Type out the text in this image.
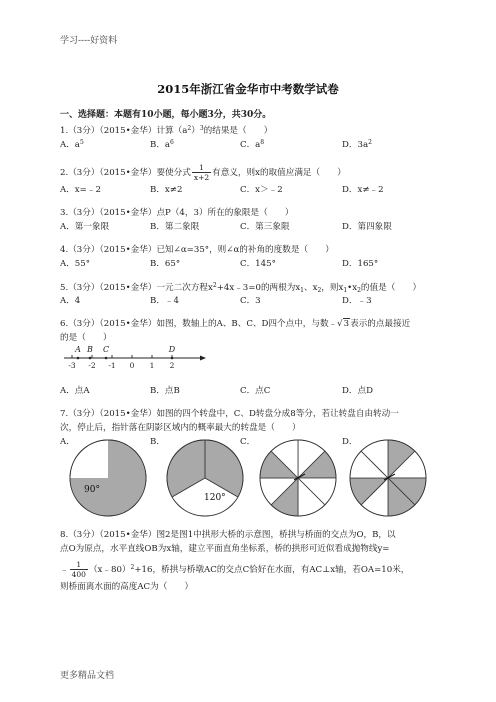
学习----好资料
2015年浙江省金华市中考数学试卷
一、选择题：本题有10小题，每小题3分，共30分。
1.（3分）（2015•金华）计算$(a^2)^3$的结果是（　　）
A．$a^5$	B．$a^6$	C．$a^8$	D．$3a^2$
2.（3分）（2015•金华）要使分式 $\frac{1}{x+2}$ 有意义，则x的取值应满足（　　）
A．x=﹣2	B．x≠2	C．x＞﹣2	D．x≠﹣2
3.（3分）（2015•金华）点P（4，3）所在的象限是（　　）
A．第一象限	B．第二象限	C．第三象限	D．第四象限
4.（3分）（2015•金华）已知∠α=35°，则∠α的补角的度数是（　　）
A．55°	B．65°	C．145°	D．165°
5.（3分）（2015•金华）一元二次方程$x^2+4x﹣3=0$的两根为$x_1$、$x_2$，则$x_1•x_2$的值是（　　）
A．4	B．﹣4	C．3	D．﹣3
6.（3分）（2015•金华）如图，数轴上的A、B、C、D四个点中，与数﹣√3表示的点最接近
的是（　　）
-3 -2 -1 0 1 2
A B C	D
A．点A	B．点B	C．点C	D．点D
7.（3分）（2015•金华）如图的四个转盘中，C、D转盘分成8等分，若让转盘自由转动一
次，停止后，指针落在阴影区域内的概率最大的转盘是（　　）
A．	B．	C．	D．
90°
120°
8.（3分）（2015•金华）图2是图1中拱形大桥的示意图，桥拱与桥面的交点为O，B，以
点O为原点，水平直线OB为x轴，建立平面直角坐标系，桥的拱形可近似看成抛物线y=
﹣ $\frac{1}{400}$ （x﹣80）$^2$+16，桥拱与桥墩AC的交点C恰好在水面，有AC⊥x轴，若OA=10米，
则桥面离水面的高度AC为（　　）
更多精品文档
